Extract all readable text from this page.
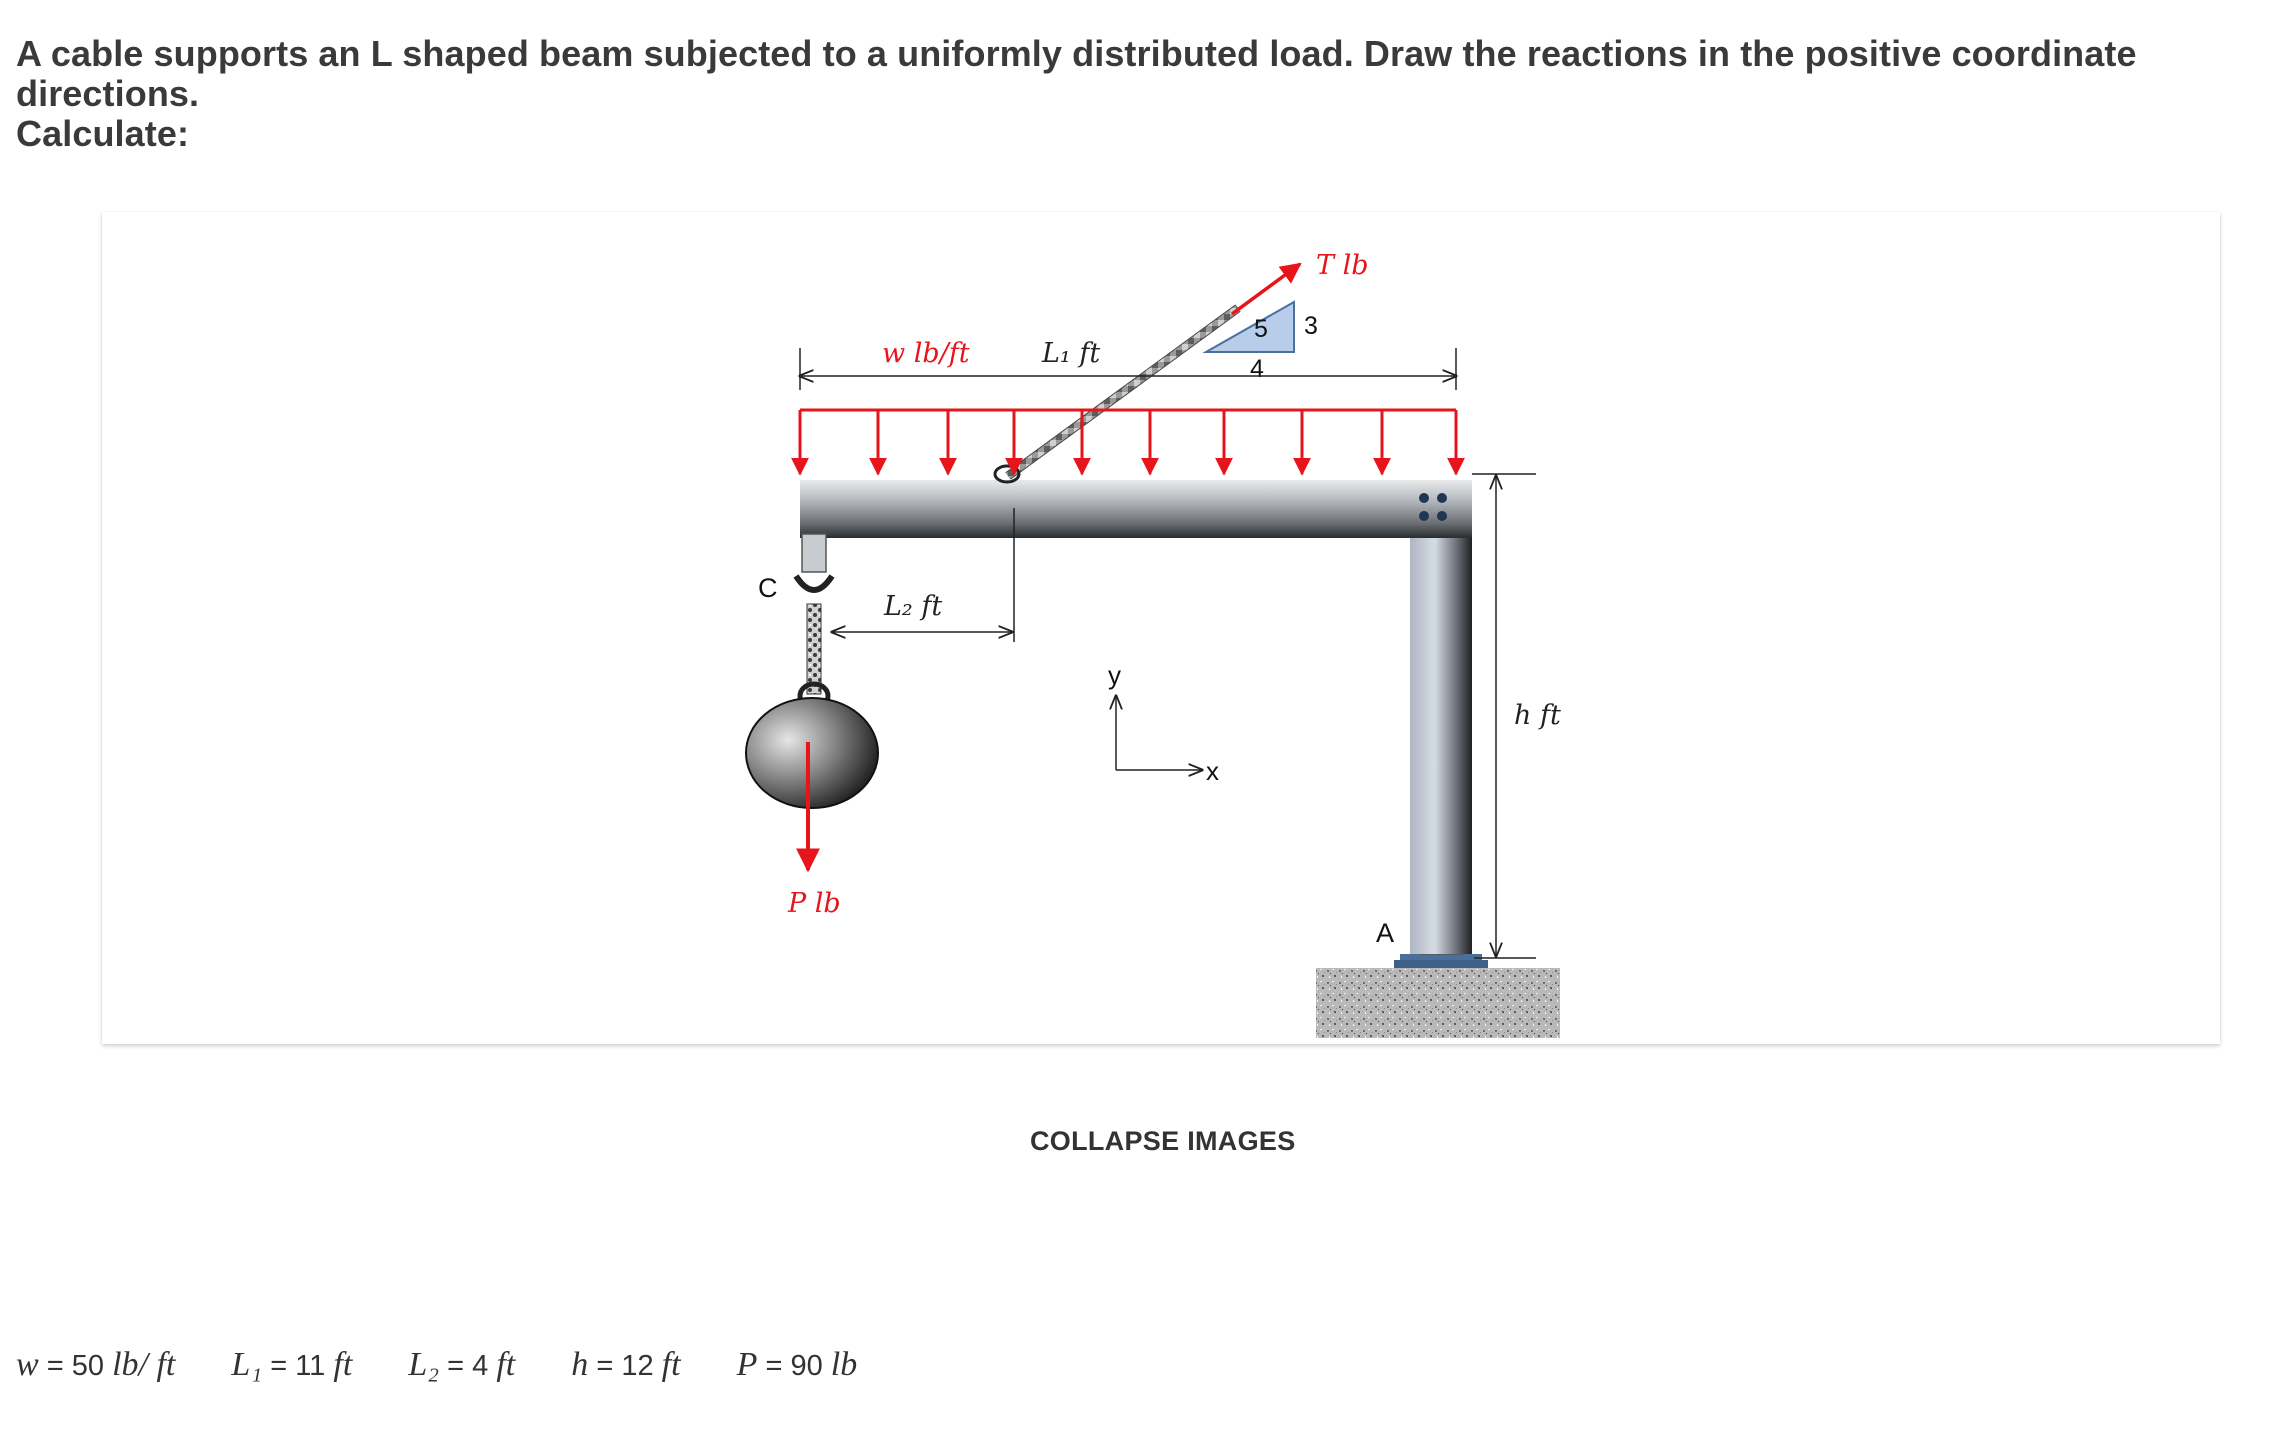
A cable supports an L shaped beam subjected to a uniformly distributed load. Draw the reactions in the positive coordinate directions.
Calculate:
T lb
5 3
4
w lb/ft	L₁ ft
h ft
L₂ ft
C
P lb
y
x
A
COLLAPSE IMAGES
w = 50 lb/ ft L₁ = 11 ft L₂ = 4 ft h = 12 ft P = 90 lb
